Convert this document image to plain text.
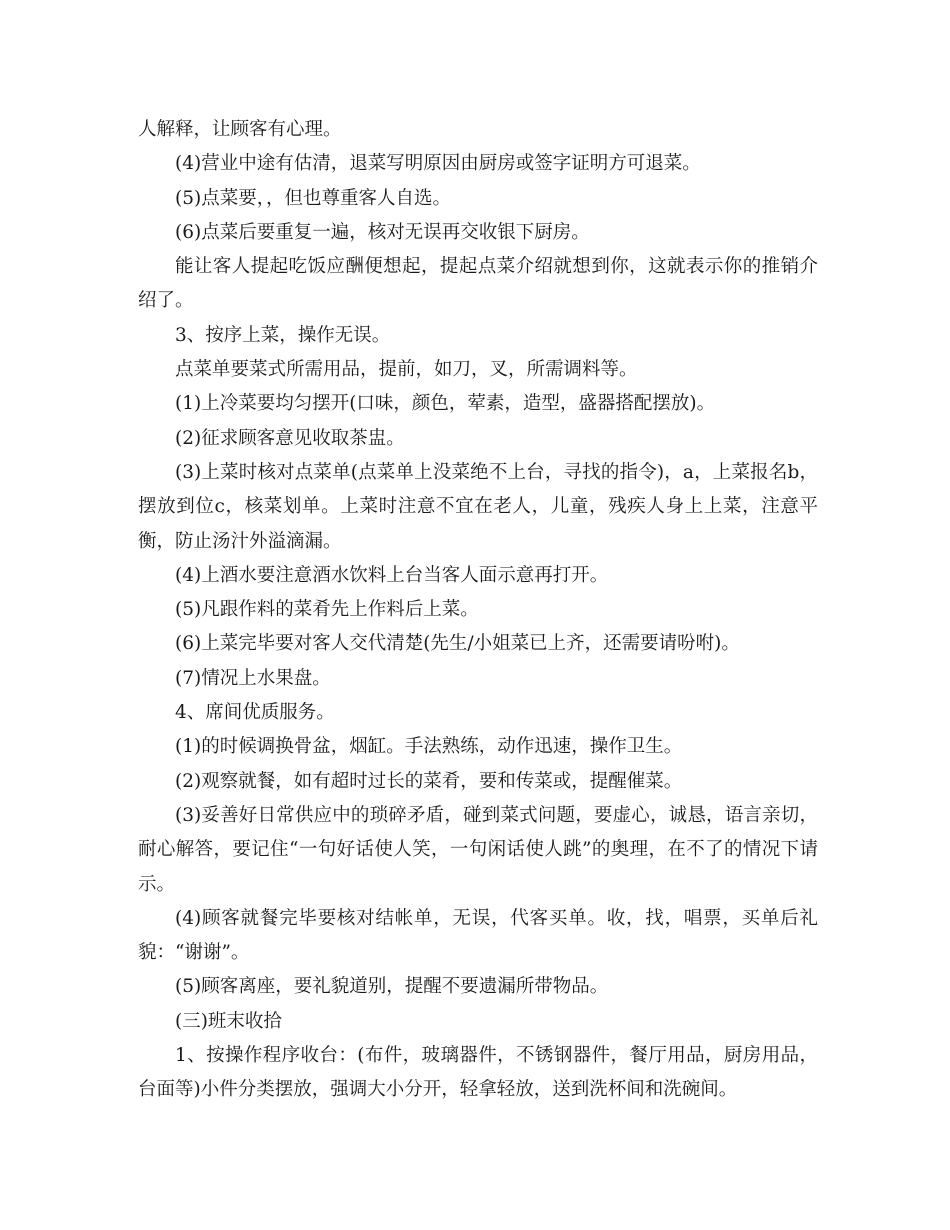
人解释，让顾客有心理。

(4)营业中途有估清，退菜写明原因由厨房或签字证明方可退菜。

(5)点菜要，，但也尊重客人自选。

(6)点菜后要重复一遍，核对无误再交收银下厨房。

能让客人提起吃饭应酬便想起，提起点菜介绍就想到你，这就表示你的推销介绍了。

3、按序上菜，操作无误。

点菜单要菜式所需用品，提前，如刀，叉，所需调料等。

(1)上冷菜要均匀摆开(口味，颜色，荤素，造型，盛器搭配摆放)。

(2)征求顾客意见收取茶盅。

(3)上菜时核对点菜单(点菜单上没菜绝不上台，寻找的指令)，a，上菜报名b，摆放到位c，核菜划单。上菜时注意不宜在老人，儿童，残疾人身上上菜，注意平衡，防止汤汁外溢滴漏。

(4)上酒水要注意酒水饮料上台当客人面示意再打开。

(5)凡跟作料的菜肴先上作料后上菜。

(6)上菜完毕要对客人交代清楚(先生/小姐菜已上齐，还需要请吩咐)。

(7)情况上水果盘。

4、席间优质服务。

(1)的时候调换骨盆，烟缸。手法熟练，动作迅速，操作卫生。

(2)观察就餐，如有超时过长的菜肴，要和传菜或，提醒催菜。

(3)妥善好日常供应中的琐碎矛盾，碰到菜式问题，要虚心，诚恳，语言亲切，耐心解答，要记住“一句好话使人笑，一句闲话使人跳”的奥理，在不了的情况下请示。

(4)顾客就餐完毕要核对结帐单，无误，代客买单。收，找，唱票，买单后礼貌：“谢谢”。

(5)顾客离座，要礼貌道别，提醒不要遗漏所带物品。

(三)班末收拾

1、按操作程序收台：(布件，玻璃器件，不锈钢器件，餐厅用品，厨房用品，台面等)小件分类摆放，强调大小分开，轻拿轻放，送到洗杯间和洗碗间。
